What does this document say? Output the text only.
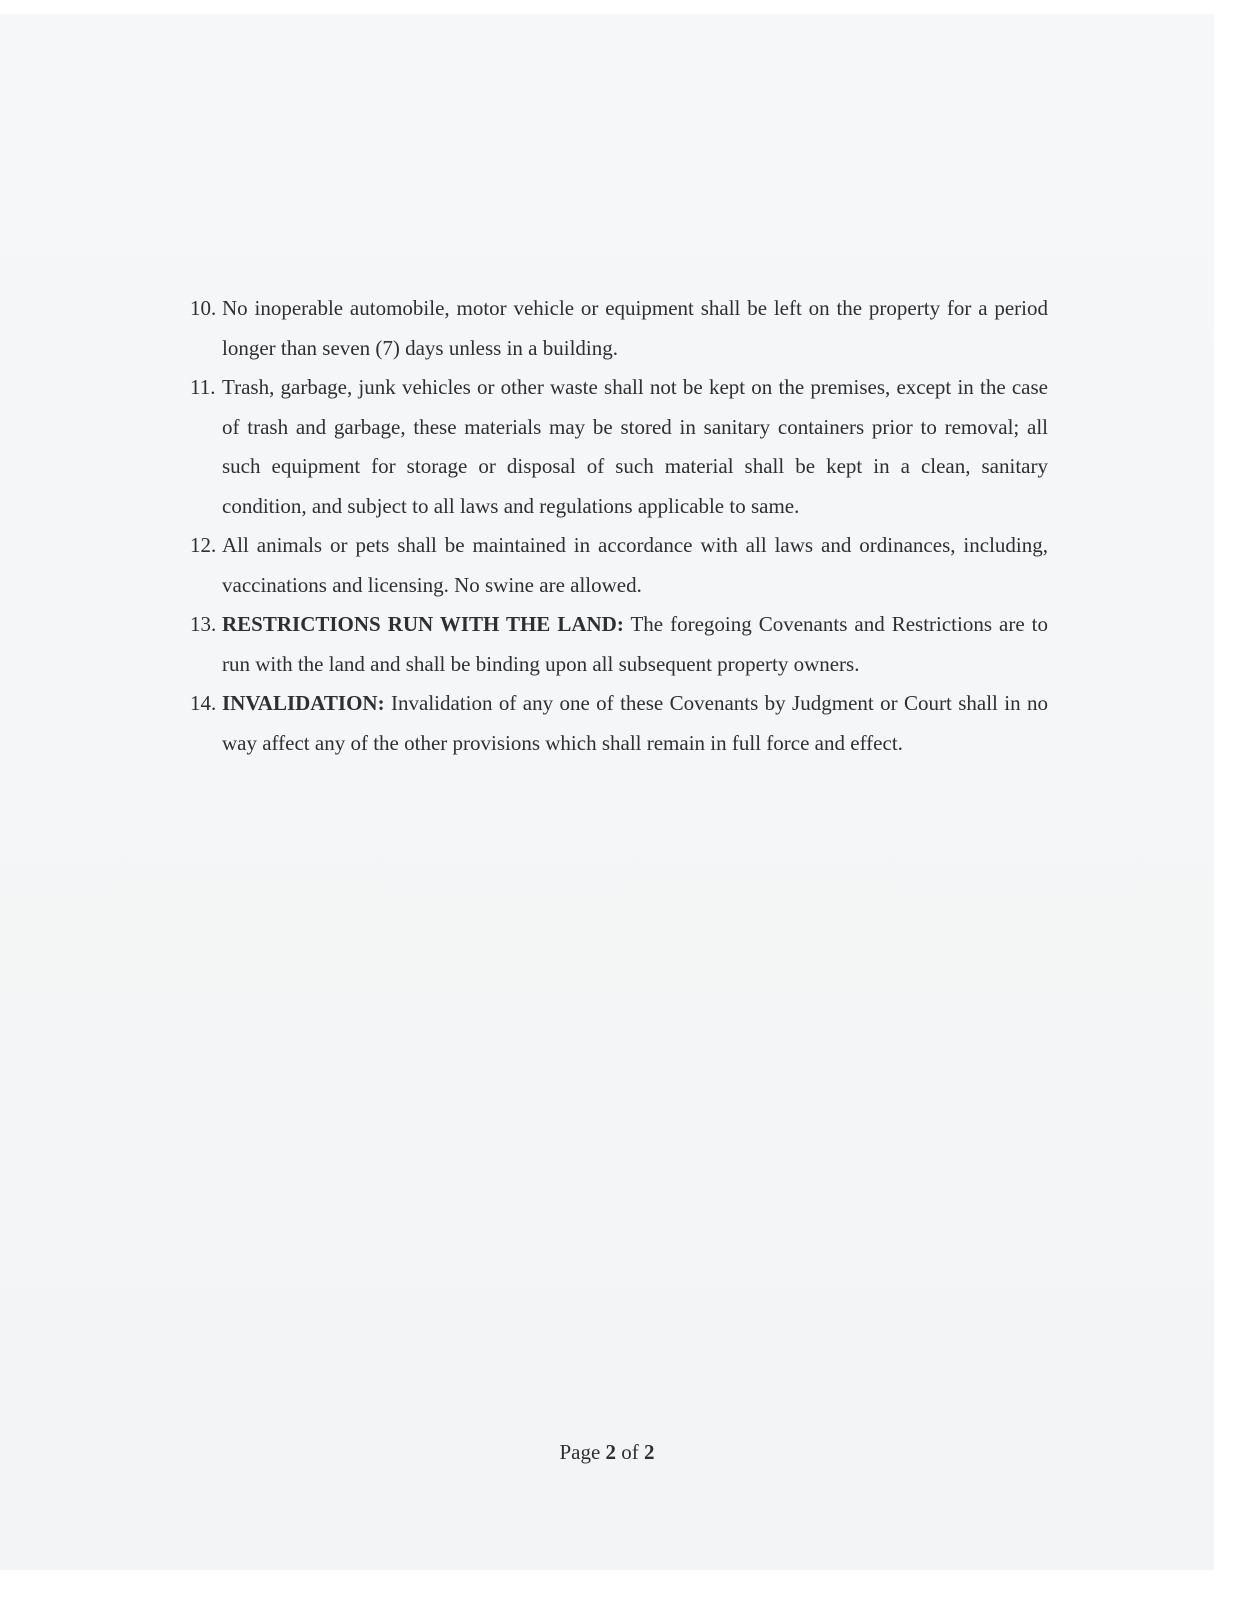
10. No inoperable automobile, motor vehicle or equipment shall be left on the property for a period longer than seven (7) days unless in a building.

11. Trash, garbage, junk vehicles or other waste shall not be kept on the premises, except in the case of trash and garbage, these materials may be stored in sanitary containers prior to removal; all such equipment for storage or disposal of such material shall be kept in a clean, sanitary condition, and subject to all laws and regulations applicable to same.

12. All animals or pets shall be maintained in accordance with all laws and ordinances, including, vaccinations and licensing. No swine are allowed.

13. RESTRICTIONS RUN WITH THE LAND: The foregoing Covenants and Restrictions are to run with the land and shall be binding upon all subsequent property owners.

14. INVALIDATION: Invalidation of any one of these Covenants by Judgment or Court shall in no way affect any of the other provisions which shall remain in full force and effect.

Page 2 of 2
